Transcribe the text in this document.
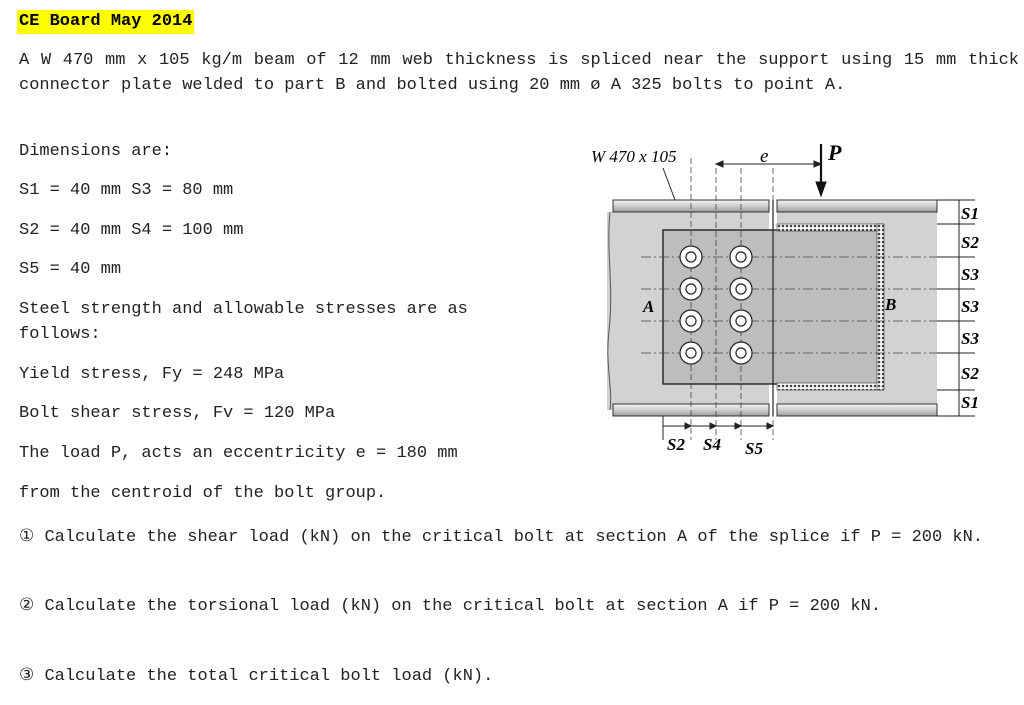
CE Board May 2014
A W 470 mm x 105 kg/m beam of 12 mm web thickness is spliced near the support using 15 mm thick connector plate welded to part B and bolted using 20 mm ø A 325 bolts to point A.
Dimensions are:
S1 = 40 mm S3 = 80 mm
S2 = 40 mm S4 = 100 mm
S5 = 40 mm
Steel strength and allowable stresses are as
follows:
Yield stress, Fy = 248 MPa
Bolt shear stress, Fv = 120 MPa
The load P, acts an eccentricity e = 180 mm
from the centroid of the bolt group.
① Calculate the shear load (kN) on the critical bolt at section A of the splice if P = 200 kN.
② Calculate the torsional load (kN) on the critical bolt at section A if P = 200 kN.
③ Calculate the total critical bolt load (kN).
W 470 x 105	e	P
A	B
S1
S2
S3
S3
S3
S2
S1
S2 S4 S5
